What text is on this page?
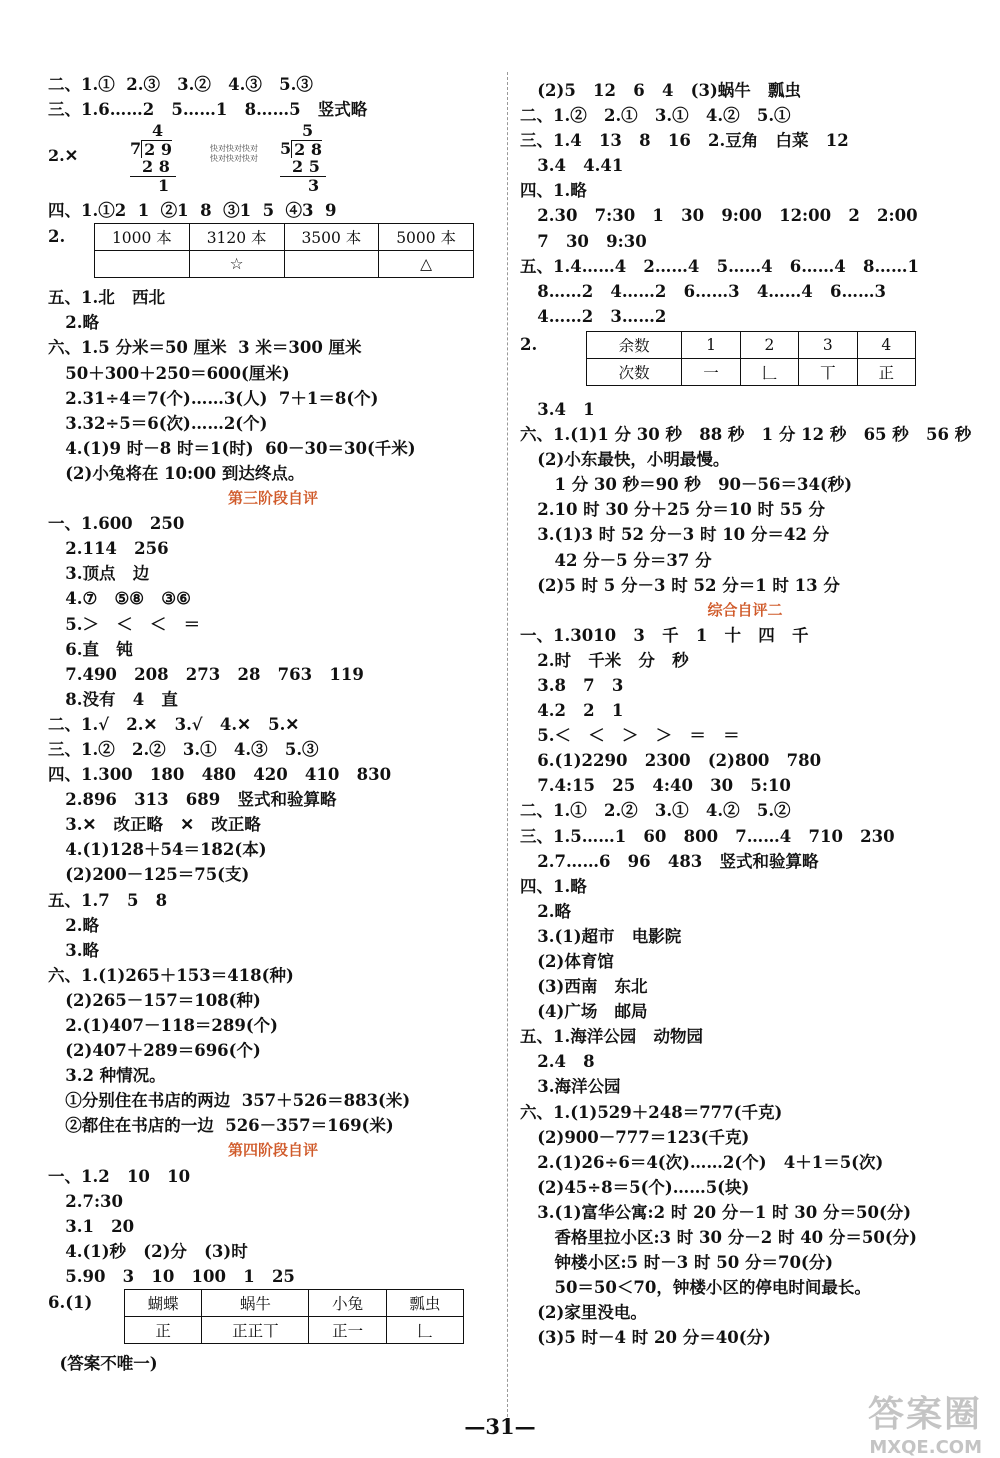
二、1.①  2.③   3.②   4.③   5.③
三、1.6……2   5……1   8……5   竖式略
2.✕
4
7 2 9
2 8
1
快对快对快对
快对快对快对
5
5 2 8
2 5
3
四、1.①2  1  ②1  8  ③1  5  ④3  9
2.	1000 本	3120 本	3500 本	5000 本
	☆		△
五、1.北   西北
2.略
六、1.5 分米＝50 厘米  3 米＝300 厘米
50＋300＋250＝600(厘米)
2.31÷4＝7(个)……3(人)  7＋1＝8(个)
3.32÷5＝6(次)……2(个)
4.(1)9 时－8 时＝1(时)  60－30＝30(千米)
(2)小兔将在 10:00 到达终点。
第三阶段自评
一、1.600   250
2.114   256
3.顶点   边
4.⑦   ⑤⑧   ③⑥
5.＞   ＜   ＜   ＝
6.直   钝
7.490   208   273   28   763   119
8.没有   4   直
二、1.√   2.✕   3.√   4.✕   5.✕
三、1.②   2.②   3.①   4.③   5.③
四、1.300   180   480   420   410   830
2.896   313   689   竖式和验算略
3.✕   改正略   ✕   改正略
4.(1)128＋54＝182(本)
(2)200－125＝75(支)
五、1.7   5   8
2.略
3.略
六、1.(1)265＋153＝418(种)
(2)265－157＝108(种)
2.(1)407－118＝289(个)
(2)407＋289＝696(个)
3.2 种情况。
①分别住在书店的两边  357＋526＝883(米)
②都住在书店的一边  526－357＝169(米)
第四阶段自评
一、1.2   10   10
2.7:30
3.1   20
4.(1)秒   (2)分   (3)时
5.90   3   10   100   1   25
6.(1)	蝴蝶	蜗牛	小兔	瓢虫
正	正正丅	正一	𠃊
(答案不唯一)
(2)5   12   6   4   (3)蜗牛   瓢虫
二、1.②   2.①   3.①   4.②   5.①
三、1.4   13   8   16   2.豆角   白菜   12
3.4   4.41
四、1.略
2.30   7:30   1   30   9:00   12:00   2   2:00
7   30   9:30
五、1.4……4   2……4   5……4   6……4   8……1
8……2   4……2   6……3   4……4   6……3
4……2   3……2
2.	余数	1	2	3	4
次数	一	𠃊	丅	正
3.4   1
六、1.(1)1 分 30 秒   88 秒   1 分 12 秒   65 秒   56 秒
(2)小东最快，小明最慢。
1 分 30 秒＝90 秒   90－56＝34(秒)
2.10 时 30 分＋25 分＝10 时 55 分
3.(1)3 时 52 分－3 时 10 分＝42 分
42 分－5 分＝37 分
(2)5 时 5 分－3 时 52 分＝1 时 13 分
综合自评二
一、1.3010   3   千   1   十   四   千
2.时   千米   分   秒
3.8   7   3
4.2   2   1
5.＜   ＜   ＞   ＞   ＝   ＝
6.(1)2290   2300   (2)800   780
7.4:15   25   4:40   30   5:10
二、1.①   2.②   3.①   4.②   5.②
三、1.5……1   60   800   7……4   710   230
2.7……6   96   483   竖式和验算略
四、1.略
2.略
3.(1)超市   电影院
(2)体育馆
(3)西南   东北
(4)广场   邮局
五、1.海洋公园   动物园
2.4   8
3.海洋公园
六、1.(1)529＋248＝777(千克)
(2)900－777＝123(千克)
2.(1)26÷6＝4(次)……2(个)   4＋1＝5(次)
(2)45÷8＝5(个)……5(块)
3.(1)富华公寓:2 时 20 分－1 时 30 分＝50(分)
香格里拉小区:3 时 30 分－2 时 40 分＝50(分)
钟楼小区:5 时－3 时 50 分＝70(分)
50＝50＜70，钟楼小区的停电时间最长。
(2)家里没电。
(3)5 时－4 时 20 分＝40(分)
—31—	答案圈
MXQE.COM
